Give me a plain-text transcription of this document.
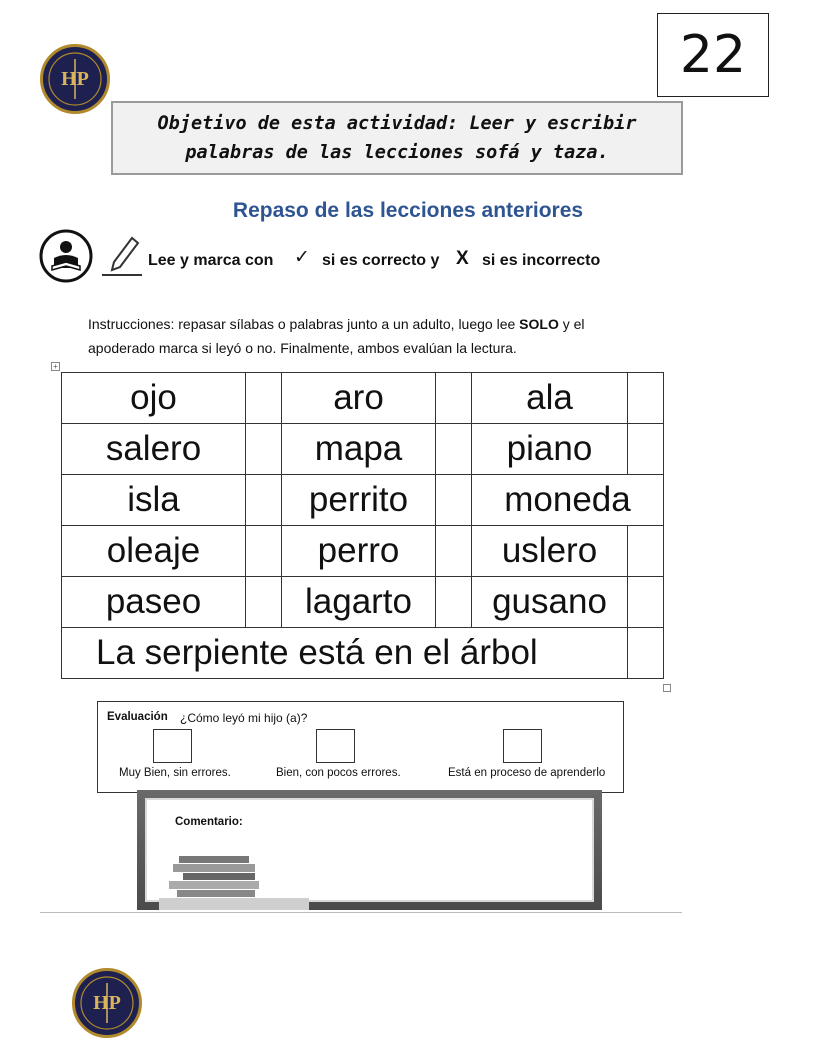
HP	22
Objetivo de esta actividad: Leer y escribir palabras de las lecciones sofá y taza.
Repaso de las lecciones anteriores
Lee y marca con ✓ si es correcto y X si es incorrecto
Instrucciones: repasar sílabas o palabras junto a un adulto, luego lee SOLO y el apoderado marca si leyó o no. Finalmente, ambos evalúan la lectura.
+
ojo		aro		ala	
salero		mapa		piano	
isla		perrito		moneda	
oleaje		perro		uslero	
paseo		lagarto		gusano	
La serpiente está en el árbol					
Evaluación ¿Cómo leyó mi hijo (a)?
Muy Bien, sin errores.	Bien, con pocos errores.	Está en proceso de aprenderlo
Comentario:
HP
